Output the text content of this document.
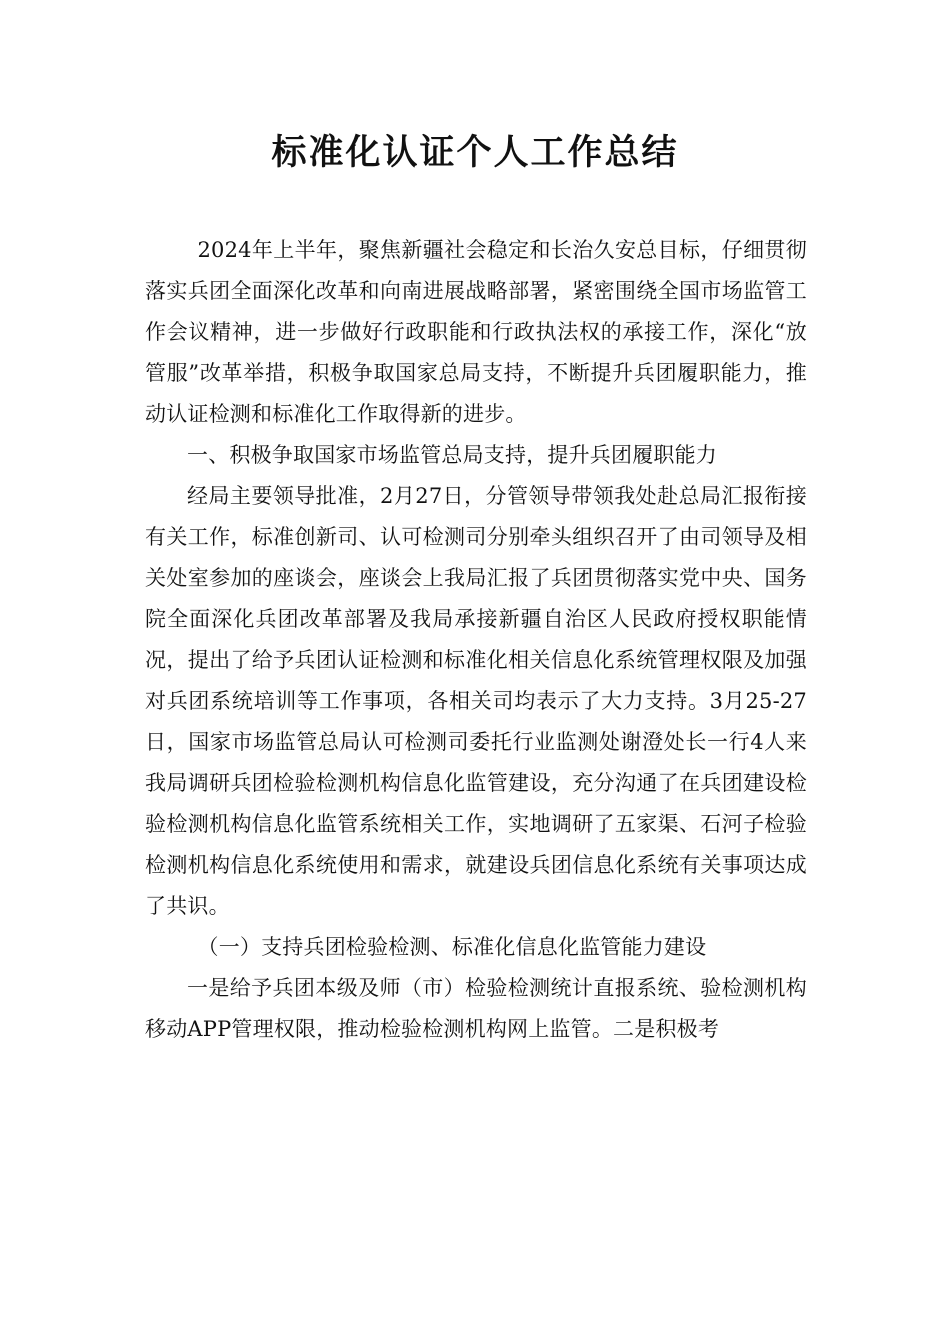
标准化认证个人工作总结

2024年上半年，聚焦新疆社会稳定和长治久安总目标，仔细贯彻落实兵团全面深化改革和向南进展战略部署，紧密围绕全国市场监管工作会议精神，进一步做好行政职能和行政执法权的承接工作，深化“放管服”改革举措，积极争取国家总局支持，不断提升兵团履职能力，推动认证检测和标准化工作取得新的进步。

一、积极争取国家市场监管总局支持，提升兵团履职能力

经局主要领导批准，2月27日，分管领导带领我处赴总局汇报衔接有关工作，标准创新司、认可检测司分别牵头组织召开了由司领导及相关处室参加的座谈会，座谈会上我局汇报了兵团贯彻落实党中央、国务院全面深化兵团改革部署及我局承接新疆自治区人民政府授权职能情况，提出了给予兵团认证检测和标准化相关信息化系统管理权限及加强对兵团系统培训等工作事项，各相关司均表示了大力支持。3月25-27日，国家市场监管总局认可检测司委托行业监测处谢澄处长一行4人来我局调研兵团检验检测机构信息化监管建设，充分沟通了在兵团建设检验检测机构信息化监管系统相关工作，实地调研了五家渠、石河子检验检测机构信息化系统使用和需求，就建设兵团信息化系统有关事项达成了共识。

（一）支持兵团检验检测、标准化信息化监管能力建设

一是给予兵团本级及师（市）检验检测统计直报系统、验检测机构移动APP管理权限，推动检验检测机构网上监管。二是积极考
